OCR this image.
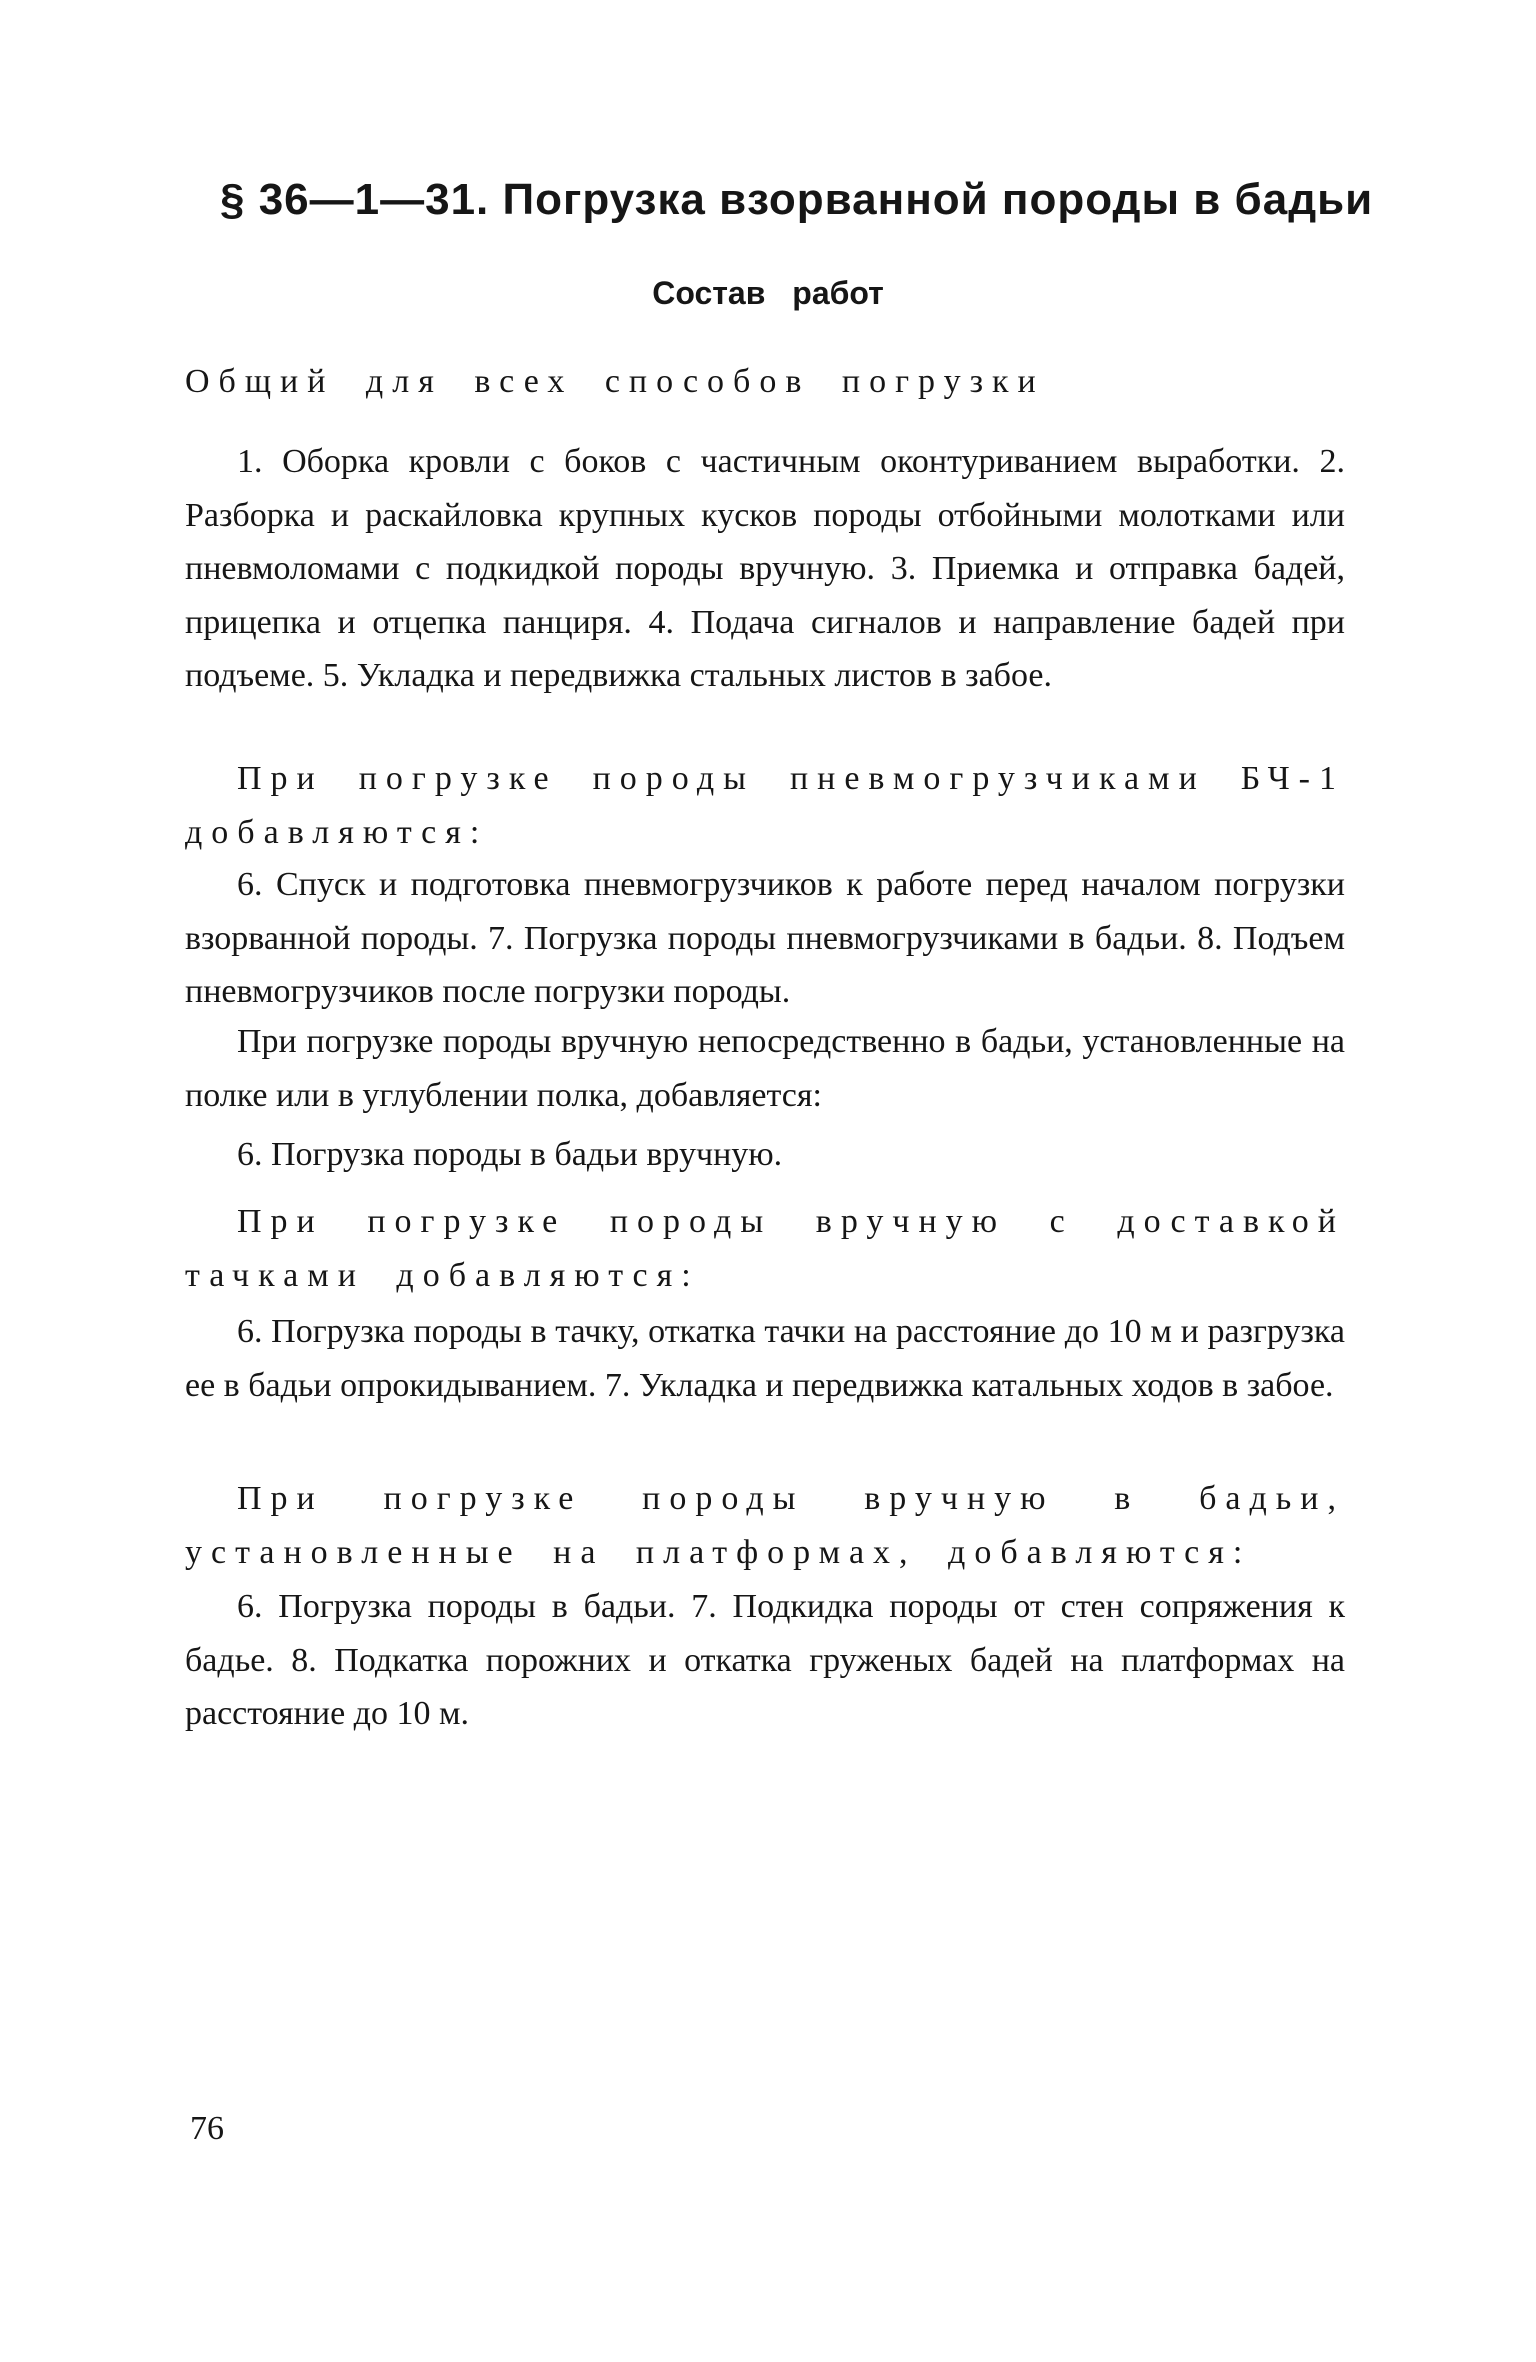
§ 36—1—31. Погрузка взорванной породы в бадьи
Состав работ
Общий для всех способов погрузки
1. Оборка кровли с боков с частичным оконтуриванием выработки. 2. Разборка и раскайловка крупных кусков породы отбойными молотками или пневмоломами с подкидкой породы вручную. 3. Приемка и отправка бадей, прицепка и отцепка панциря. 4. Подача сигналов и направление бадей при подъеме. 5. Укладка и передвижка стальных листов в забое.
При погрузке породы пневмогрузчиками БЧ-1 добавляются:
6. Спуск и подготовка пневмогрузчиков к работе перед началом погрузки взорванной породы. 7. Погрузка породы пневмогрузчиками в бадьи. 8. Подъем пневмогрузчиков после погрузки породы.
При погрузке породы вручную непосредственно в бадьи, установленные на полке или в углублении полка, добавляется:
6. Погрузка породы в бадьи вручную.
При погрузке породы вручную с доставкой тачками добавляются:
6. Погрузка породы в тачку, откатка тачки на расстояние до 10 м и разгрузка ее в бадьи опрокидыванием. 7. Укладка и передвижка катальных ходов в забое.
При погрузке породы вручную в бадьи, установленные на платформах, добавляются:
6. Погрузка породы в бадьи. 7. Подкидка породы от стен сопряжения к бадье. 8. Подкатка порожних и откатка груженых бадей на платформах на расстояние до 10 м.
76
